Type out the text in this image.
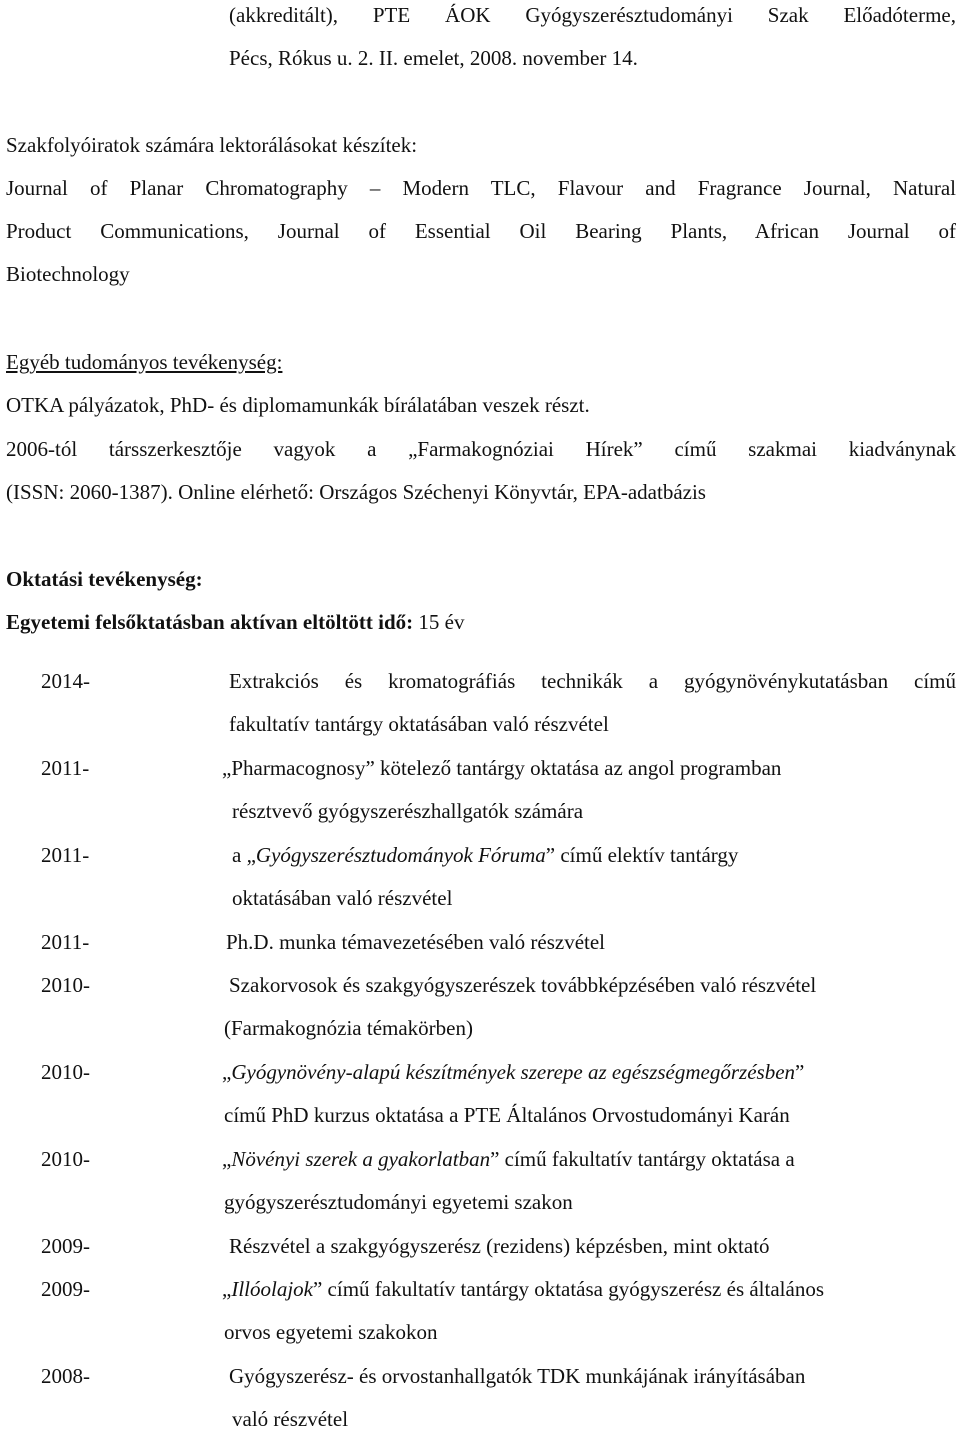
(akkreditált), PTE ÁOK Gyógyszerésztudományi Szak Előadóterme,
Pécs, Rókus u. 2. II. emelet, 2008. november 14.
Szakfolyóiratok számára lektorálásokat készítek:
Journal of Planar Chromatography – Modern TLC, Flavour and Fragrance Journal, Natural
Product Communications, Journal of Essential Oil Bearing Plants, African Journal of
Biotechnology
Egyéb tudományos tevékenység:
OTKA pályázatok, PhD- és diplomamunkák bírálatában veszek részt.
2006-tól társszerkesztője vagyok a „Farmakognóziai Hírek” című szakmai kiadványnak
(ISSN: 2060-1387). Online elérhető: Országos Széchenyi Könyvtár, EPA-adatbázis
Oktatási tevékenység:
Egyetemi felsőktatásban aktívan eltöltött idő: 15 év
2014-	Extrakciós és kromatográfiás technikák a gyógynövénykutatásban című
fakultatív tantárgy oktatásában való részvétel
2011-	„Pharmacognosy” kötelező tantárgy oktatása az angol programban
résztvevő gyógyszerészhallgatók számára
2011-	a „Gyógyszerésztudományok Fóruma” című elektív tantárgy
oktatásában való részvétel
2011-	Ph.D. munka témavezetésében való részvétel
2010-	Szakorvosok és szakgyógyszerészek továbbképzésében való részvétel
(Farmakognózia témakörben)
2010-	„Gyógynövény-alapú készítmények szerepe az egészségmegőrzésben”
című PhD kurzus oktatása a PTE Általános Orvostudományi Karán
2010-	„Növényi szerek a gyakorlatban” című fakultatív tantárgy oktatása a
gyógyszerésztudományi egyetemi szakon
2009-	Részvétel a szakgyógyszerész (rezidens) képzésben, mint oktató
2009-	„Illóolajok” című fakultatív tantárgy oktatása gyógyszerész és általános
orvos egyetemi szakokon
2008-	Gyógyszerész- és orvostanhallgatók TDK munkájának irányításában
való részvétel
